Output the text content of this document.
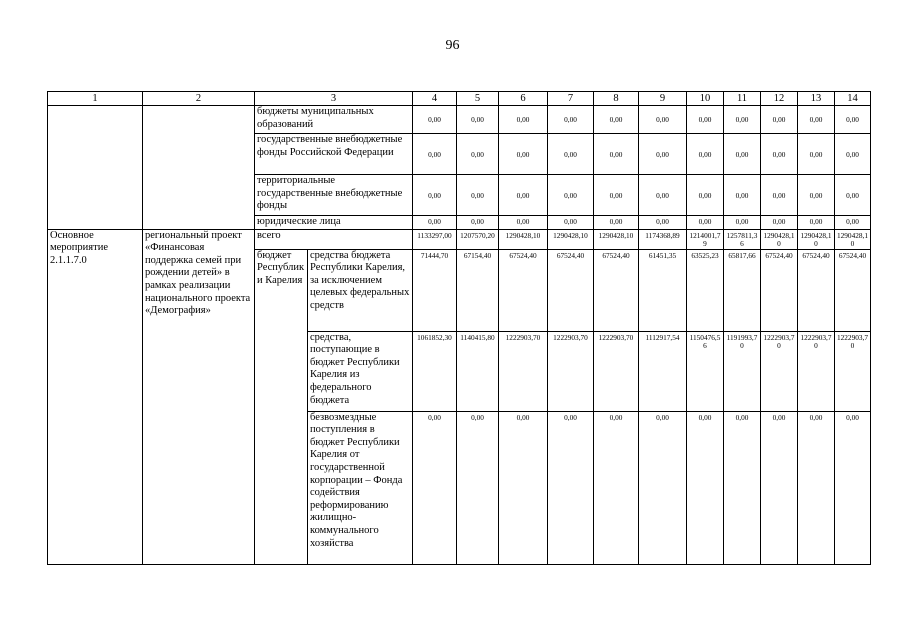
96
1	2	3		4	5	6	7	8	9	10	11	12	13	14
		бюджеты муниципальных образований		0,00	0,00	0,00	0,00	0,00	0,00	0,00	0,00	0,00	0,00	0,00
		государственные внебюджетные фонды Российской Федерации		0,00	0,00	0,00	0,00	0,00	0,00	0,00	0,00	0,00	0,00	0,00
		территориальные государственные внебюджетные фонды		0,00	0,00	0,00	0,00	0,00	0,00	0,00	0,00	0,00	0,00	0,00
		юридические лица		0,00	0,00	0,00	0,00	0,00	0,00	0,00	0,00	0,00	0,00	0,00
Основное мероприятие 2.1.1.7.0	региональный проект «Финансовая поддержка семей при рождении детей» в рамках реализации национального проекта «Демография»	всего		1133297,00	1207570,20	1290428,10	1290428,10	1290428,10	1174368,89	1214001,79	1257811,36	1290428,10	1290428,10	1290428,10
		бюджет Республики Карелия	средства бюджета Республики Карелия, за исключением целевых федеральных средств	71444,70	67154,40	67524,40	67524,40	67524,40	61451,35	63525,23	65817,66	67524,40	67524,40	67524,40
			средства, поступающие в бюджет Республики Карелия из федерального бюджета	1061852,30	1140415,80	1222903,70	1222903,70	1222903,70	1112917,54	1150476,56	1191993,70	1222903,70	1222903,70	1222903,70
			безвозмездные поступления в бюджет Республики Карелия от государственной корпорации – Фонда содействия реформированию жилищно-коммунального хозяйства	0,00	0,00	0,00	0,00	0,00	0,00	0,00	0,00	0,00	0,00	0,00
